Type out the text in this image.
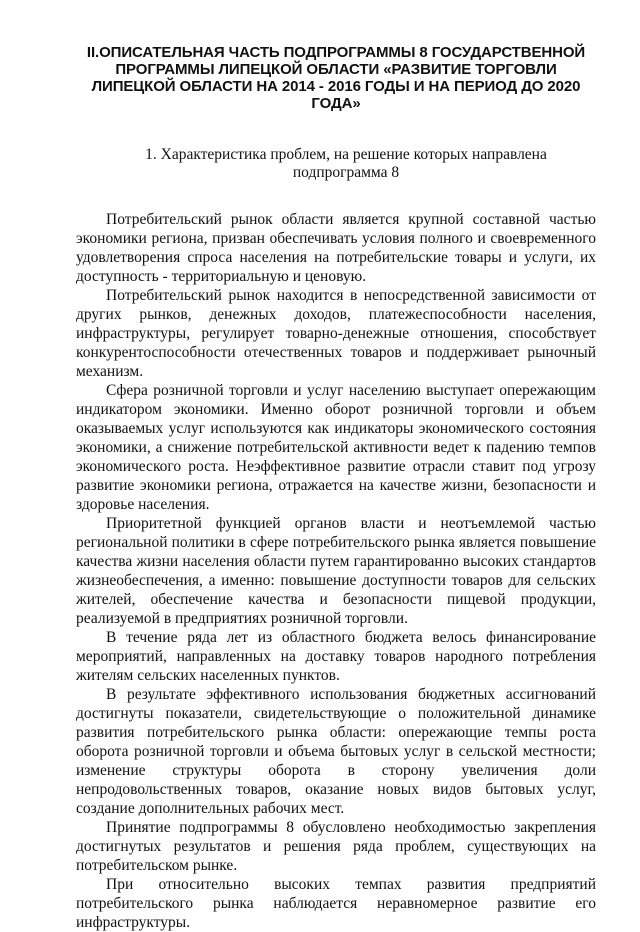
II.ОПИСАТЕЛЬНАЯ ЧАСТЬ ПОДПРОГРАММЫ 8 ГОСУДАРСТВЕННОЙ ПРОГРАММЫ ЛИПЕЦКОЙ ОБЛАСТИ «РАЗВИТИЕ ТОРГОВЛИ ЛИПЕЦКОЙ ОБЛАСТИ НА 2014 - 2016 ГОДЫ И НА ПЕРИОД ДО 2020 ГОДА»
1. Характеристика проблем, на решение которых направлена подпрограмма 8

Потребительский рынок области является крупной составной частью экономики региона, призван обеспечивать условия полного и своевременного удовлетворения спроса населения на потребительские товары и услуги, их доступность - территориальную и ценовую.

Потребительский рынок находится в непосредственной зависимости от других рынков, денежных доходов, платежеспособности населения, инфраструктуры, регулирует товарно-денежные отношения, способствует конкурентоспособности отечественных товаров и поддерживает рыночный механизм.

Сфера розничной торговли и услуг населению выступает опережающим индикатором экономики. Именно оборот розничной торговли и объем оказываемых услуг используются как индикаторы экономического состояния экономики, а снижение потребительской активности ведет к падению темпов экономического роста. Неэффективное развитие отрасли ставит под угрозу развитие экономики региона, отражается на качестве жизни, безопасности и здоровье населения.

Приоритетной функцией органов власти и неотъемлемой частью региональной политики в сфере потребительского рынка является повышение качества жизни населения области путем гарантированно высоких стандартов жизнеобеспечения, а именно: повышение доступности товаров для сельских жителей, обеспечение качества и безопасности пищевой продукции, реализуемой в предприятиях розничной торговли.

В течение ряда лет из областного бюджета велось финансирование мероприятий, направленных на доставку товаров народного потребления жителям сельских населенных пунктов.

В результате эффективного использования бюджетных ассигнований достигнуты показатели, свидетельствующие о положительной динамике развития потребительского рынка области: опережающие темпы роста оборота розничной торговли и объема бытовых услуг в сельской местности; изменение структуры оборота в сторону увеличения доли непродовольственных товаров, оказание новых видов бытовых услуг, создание дополнительных рабочих мест.

Принятие подпрограммы 8 обусловлено необходимостью закрепления достигнутых результатов и решения ряда проблем, существующих на потребительском рынке.

При относительно высоких темпах развития предприятий потребительского рынка наблюдается неравномерное развитие его инфраструктуры.
